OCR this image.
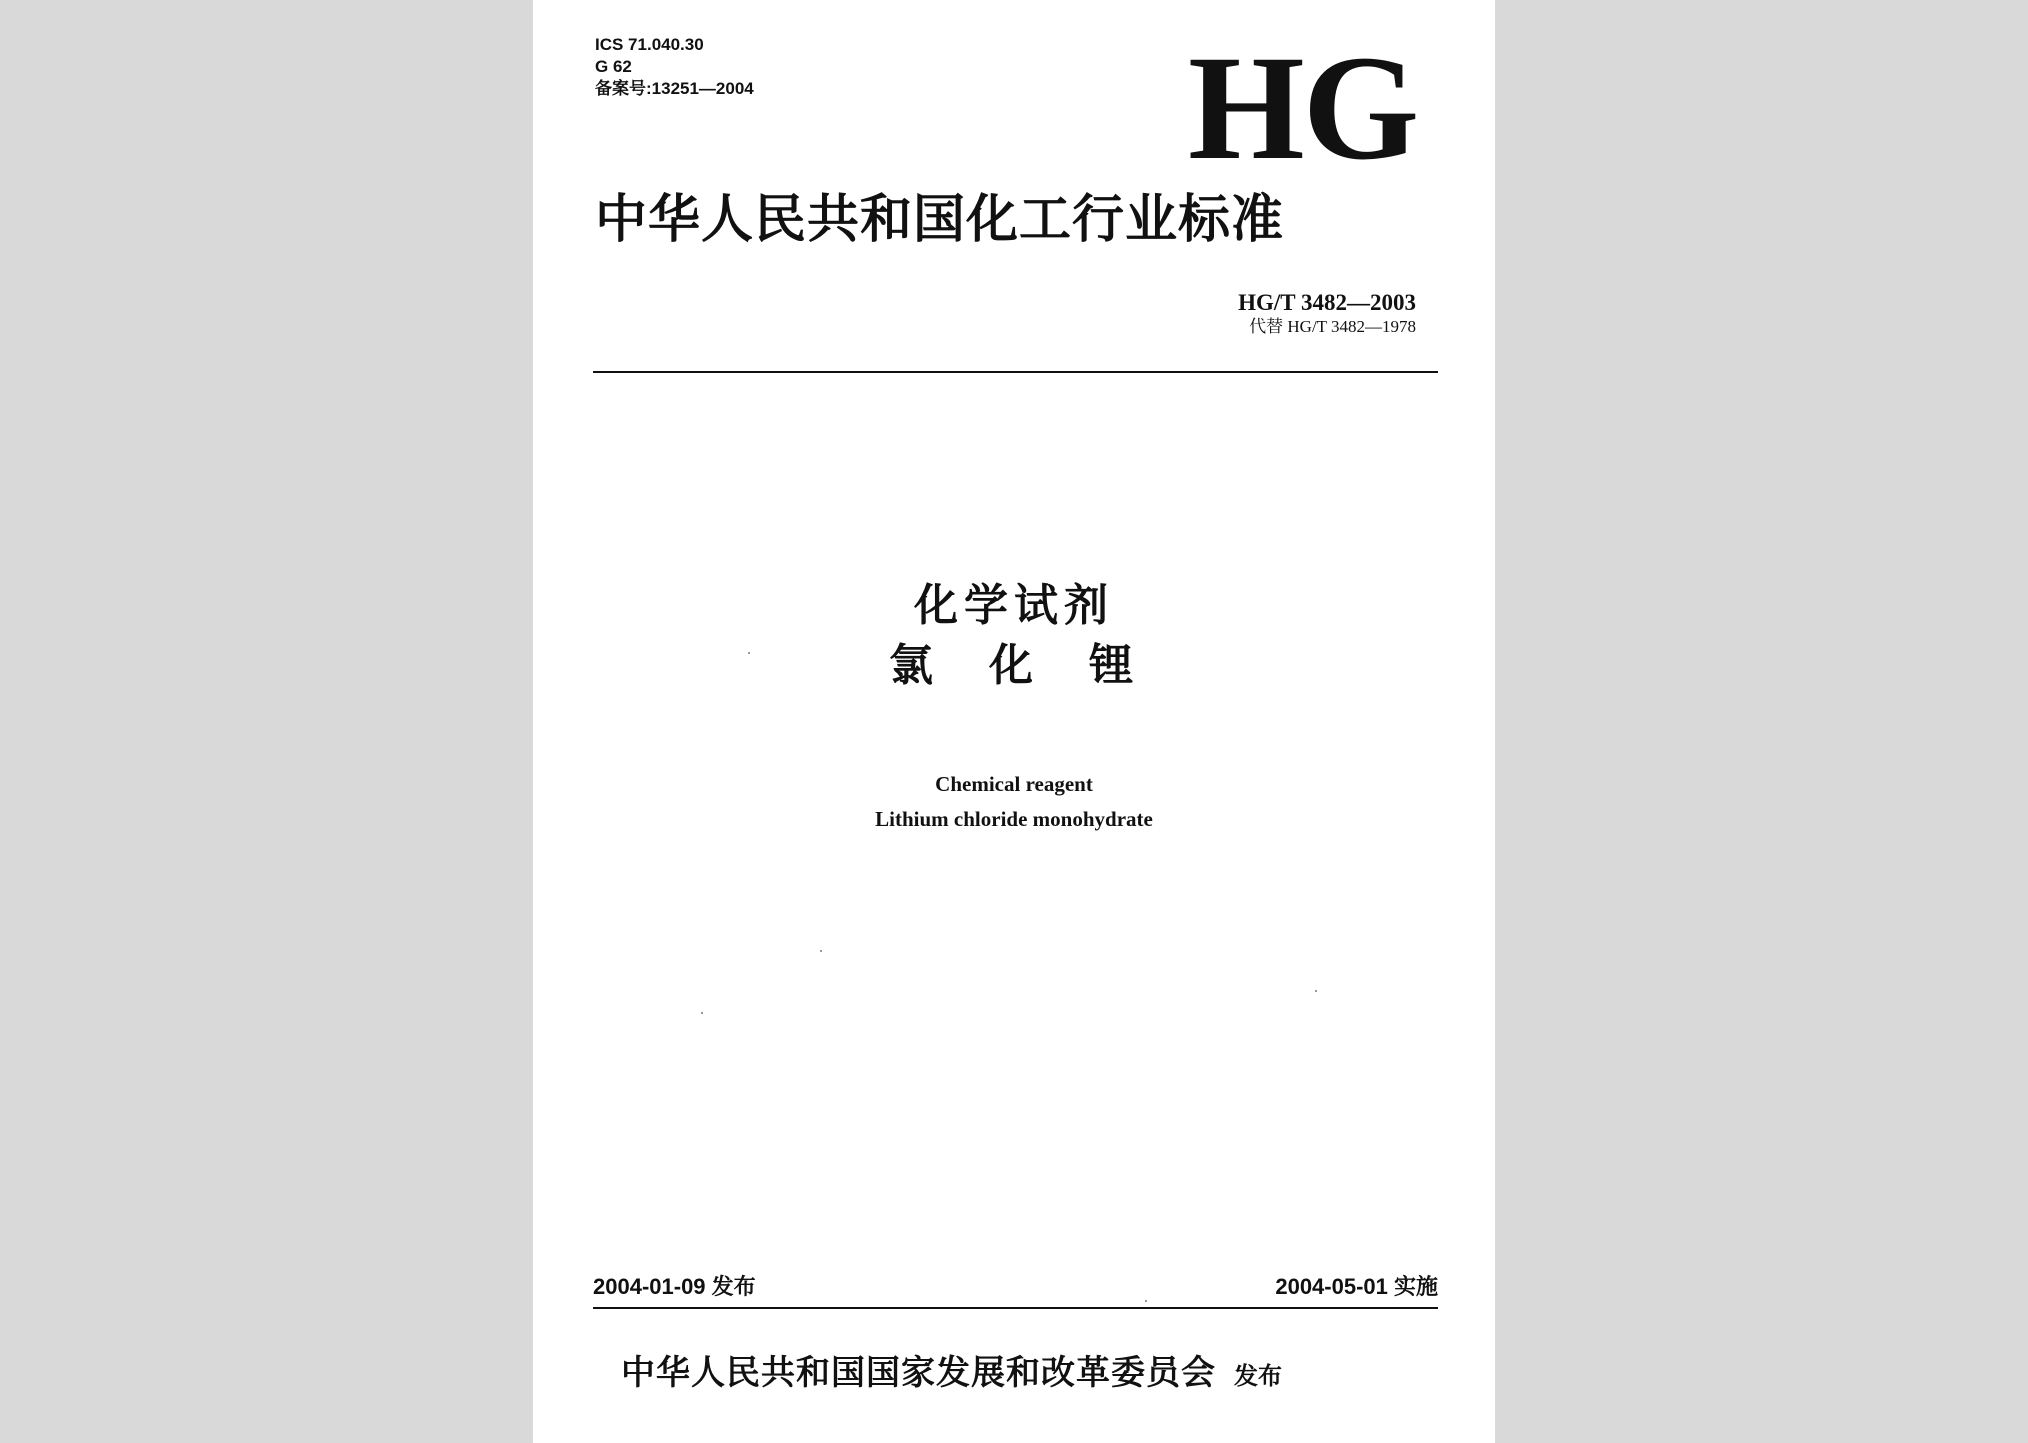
ICS 71.040.30
G 62
备案号:13251—2004	HG
中华人民共和国化工行业标准
HG/T 3482—2003
代替 HG/T 3482—1978
化学试剂
氯　化　锂
Chemical reagent
Lithium chloride monohydrate
2004-01-09 发布	2004-05-01 实施
中华人民共和国国家发展和改革委员会 发布
